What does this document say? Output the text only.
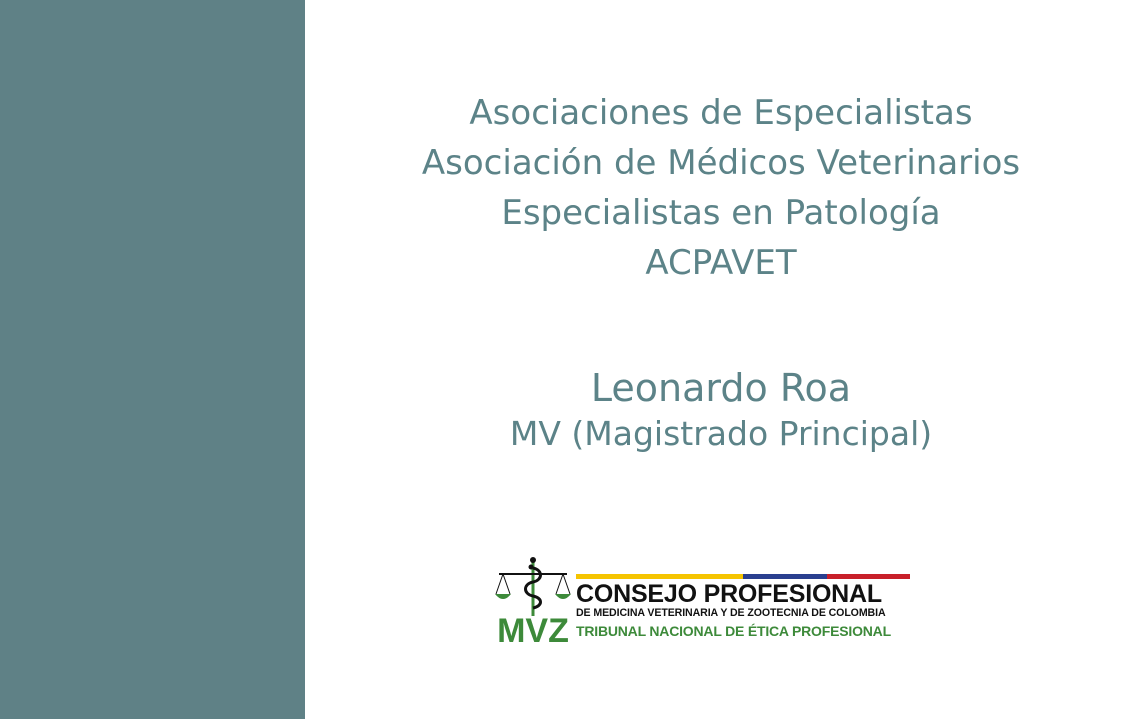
Asociaciones de Especialistas
Asociación de Médicos Veterinarios
Especialistas en Patología
ACPAVET
Leonardo Roa
MV (Magistrado Principal)
MVZ
CONSEJO PROFESIONAL
DE MEDICINA VETERINARIA Y DE ZOOTECNIA DE COLOMBIA
TRIBUNAL NACIONAL DE ÉTICA PROFESIONAL
